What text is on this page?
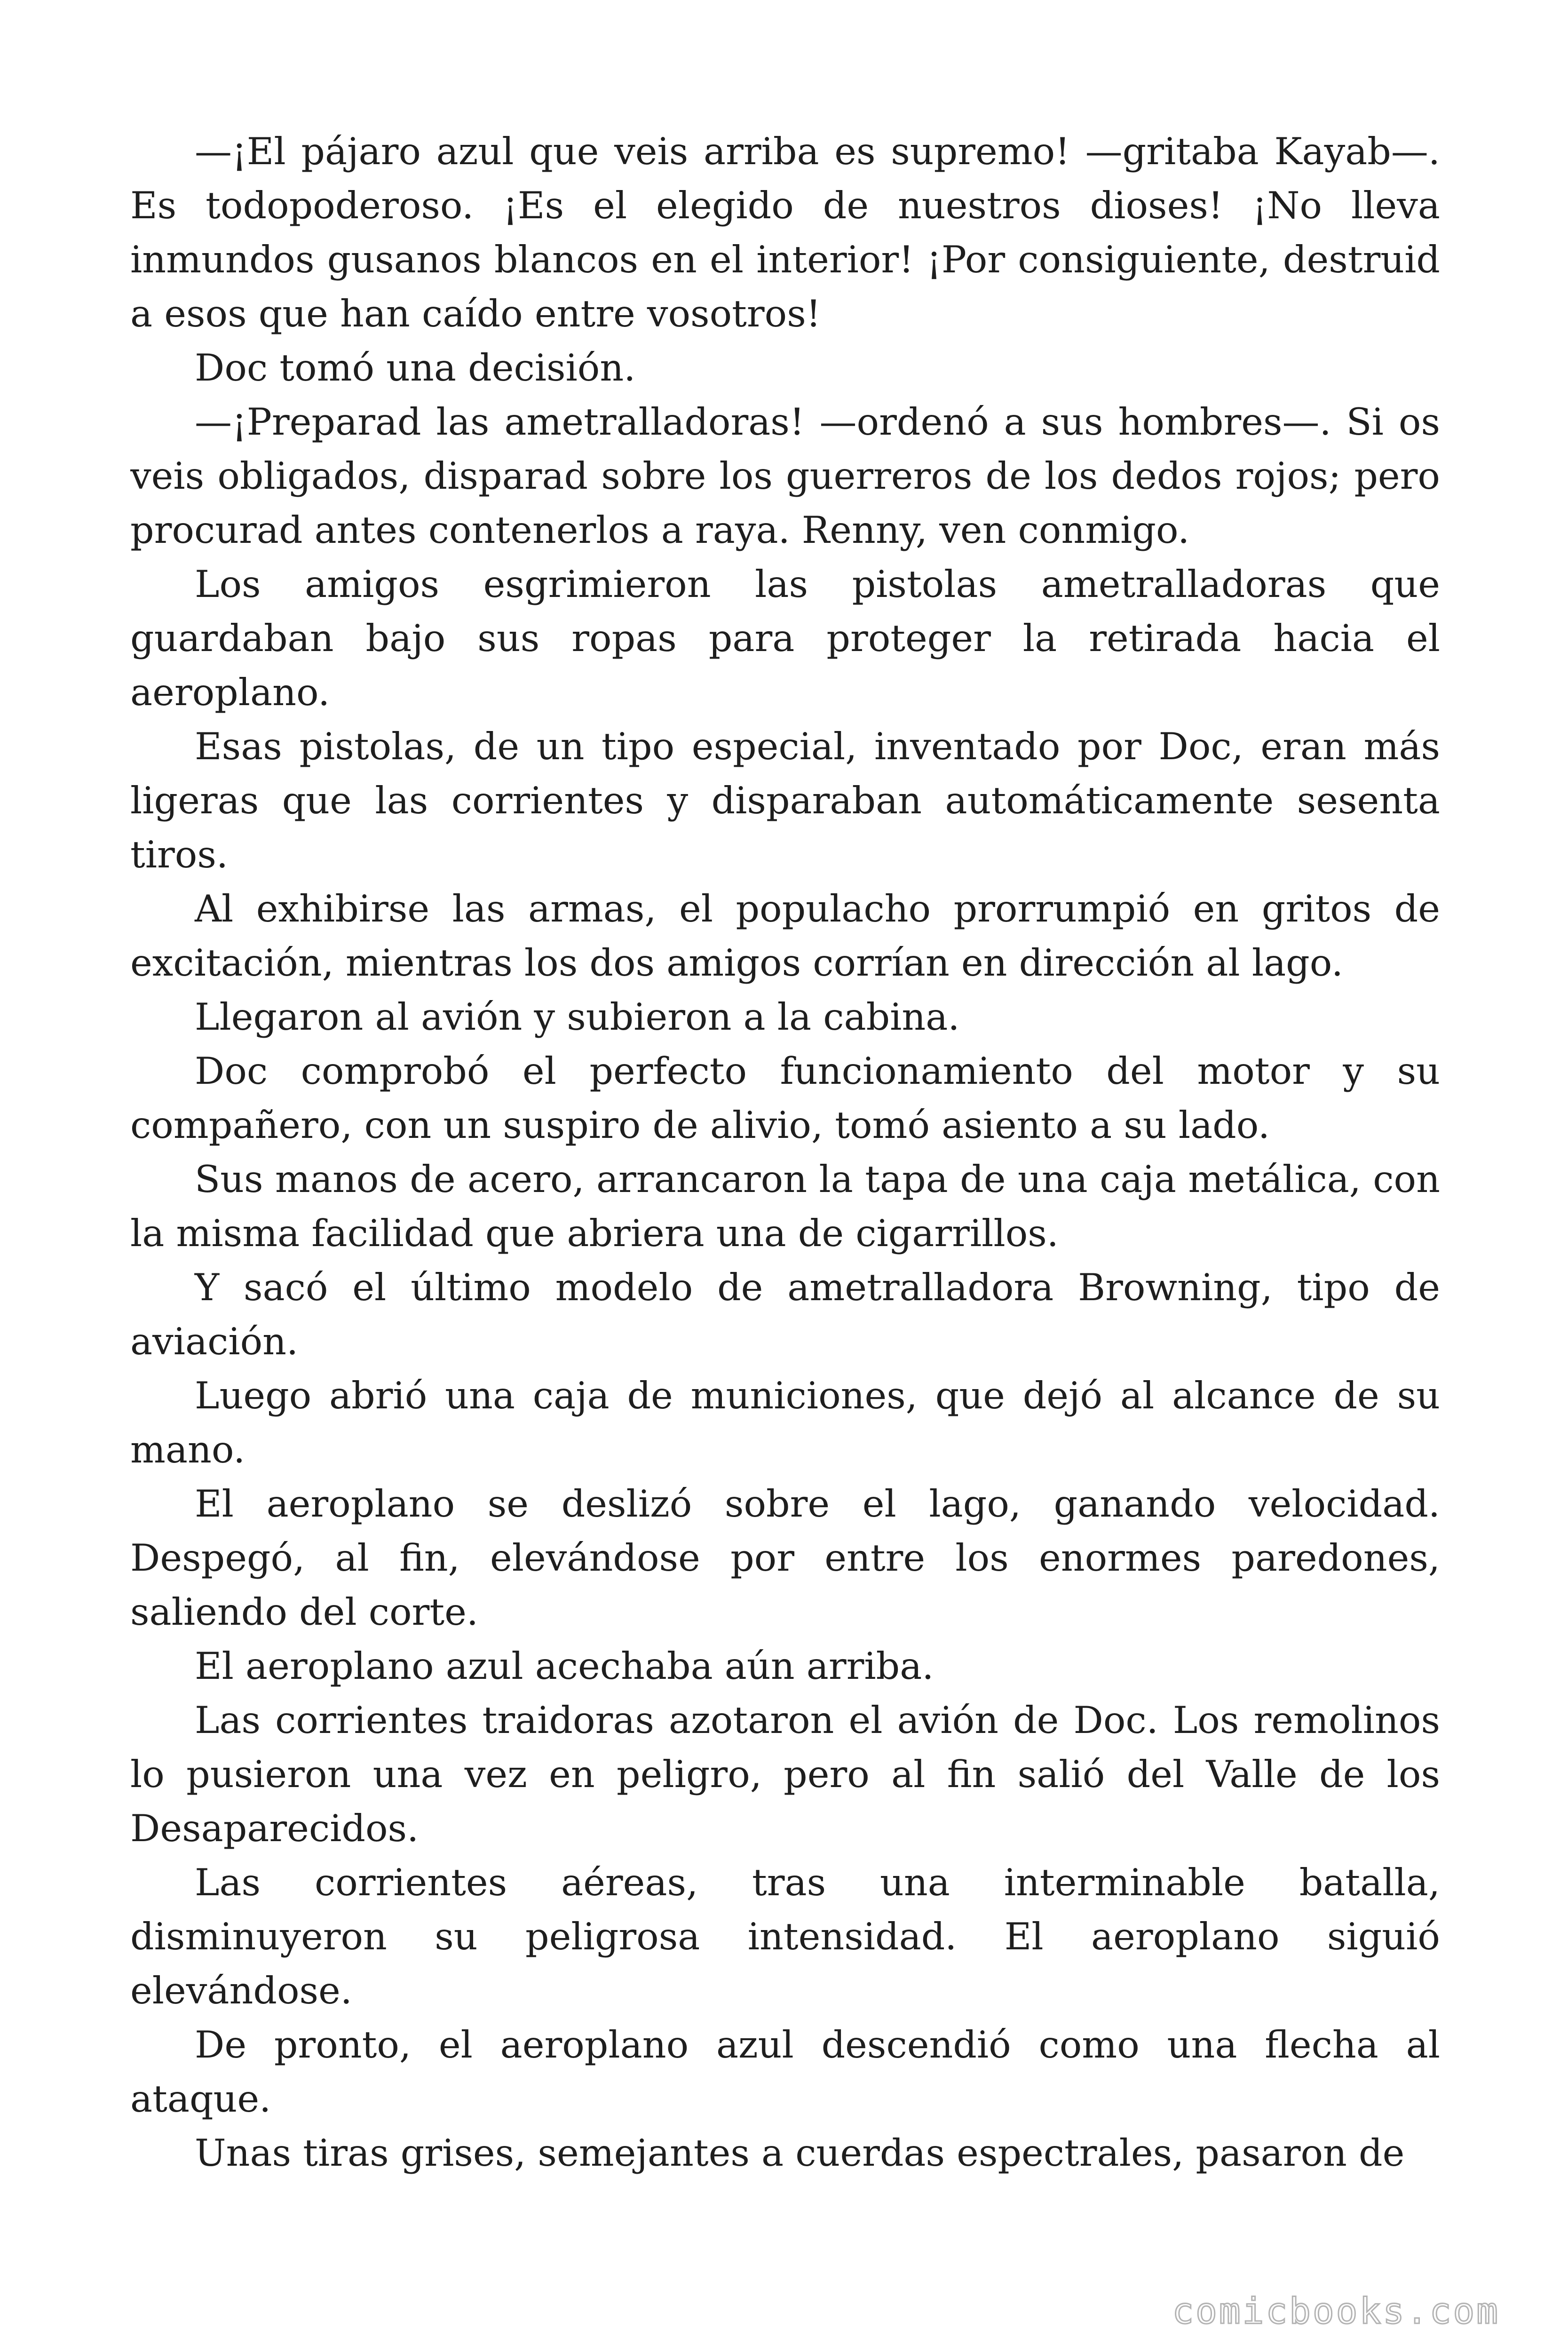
—¡El pájaro azul que veis arriba es supremo! —gritaba Kayab—. Es todopoderoso. ¡Es el elegido de nuestros dioses! ¡No lleva inmundos gusanos blancos en el interior! ¡Por consiguiente, destruid a esos que han caído entre vosotros!

Doc tomó una decisión.

—¡Preparad las ametralladoras! —ordenó a sus hombres—. Si os veis obligados, disparad sobre los guerreros de los dedos rojos; pero procurad antes contenerlos a raya. Renny, ven conmigo.

Los amigos esgrimieron las pistolas ametralladoras que guardaban bajo sus ropas para proteger la retirada hacia el aeroplano.

Esas pistolas, de un tipo especial, inventado por Doc, eran más ligeras que las corrientes y disparaban automáticamente sesenta tiros.

Al exhibirse las armas, el populacho prorrumpió en gritos de excitación, mientras los dos amigos corrían en dirección al lago.

Llegaron al avión y subieron a la cabina.

Doc comprobó el perfecto funcionamiento del motor y su compañero, con un suspiro de alivio, tomó asiento a su lado.

Sus manos de acero, arrancaron la tapa de una caja metálica, con la misma facilidad que abriera una de cigarrillos.

Y sacó el último modelo de ametralladora Browning, tipo de aviación.

Luego abrió una caja de municiones, que dejó al alcance de su mano.

El aeroplano se deslizó sobre el lago, ganando velocidad. Despegó, al fin, elevándose por entre los enormes paredones, saliendo del corte.

El aeroplano azul acechaba aún arriba.

Las corrientes traidoras azotaron el avión de Doc. Los remolinos lo pusieron una vez en peligro, pero al fin salió del Valle de los Desaparecidos.

Las corrientes aéreas, tras una interminable batalla, disminuyeron su peligrosa intensidad. El aeroplano siguió elevándose.

De pronto, el aeroplano azul descendió como una flecha al ataque.

Unas tiras grises, semejantes a cuerdas espectrales, pasaron de

comicbooks.com
